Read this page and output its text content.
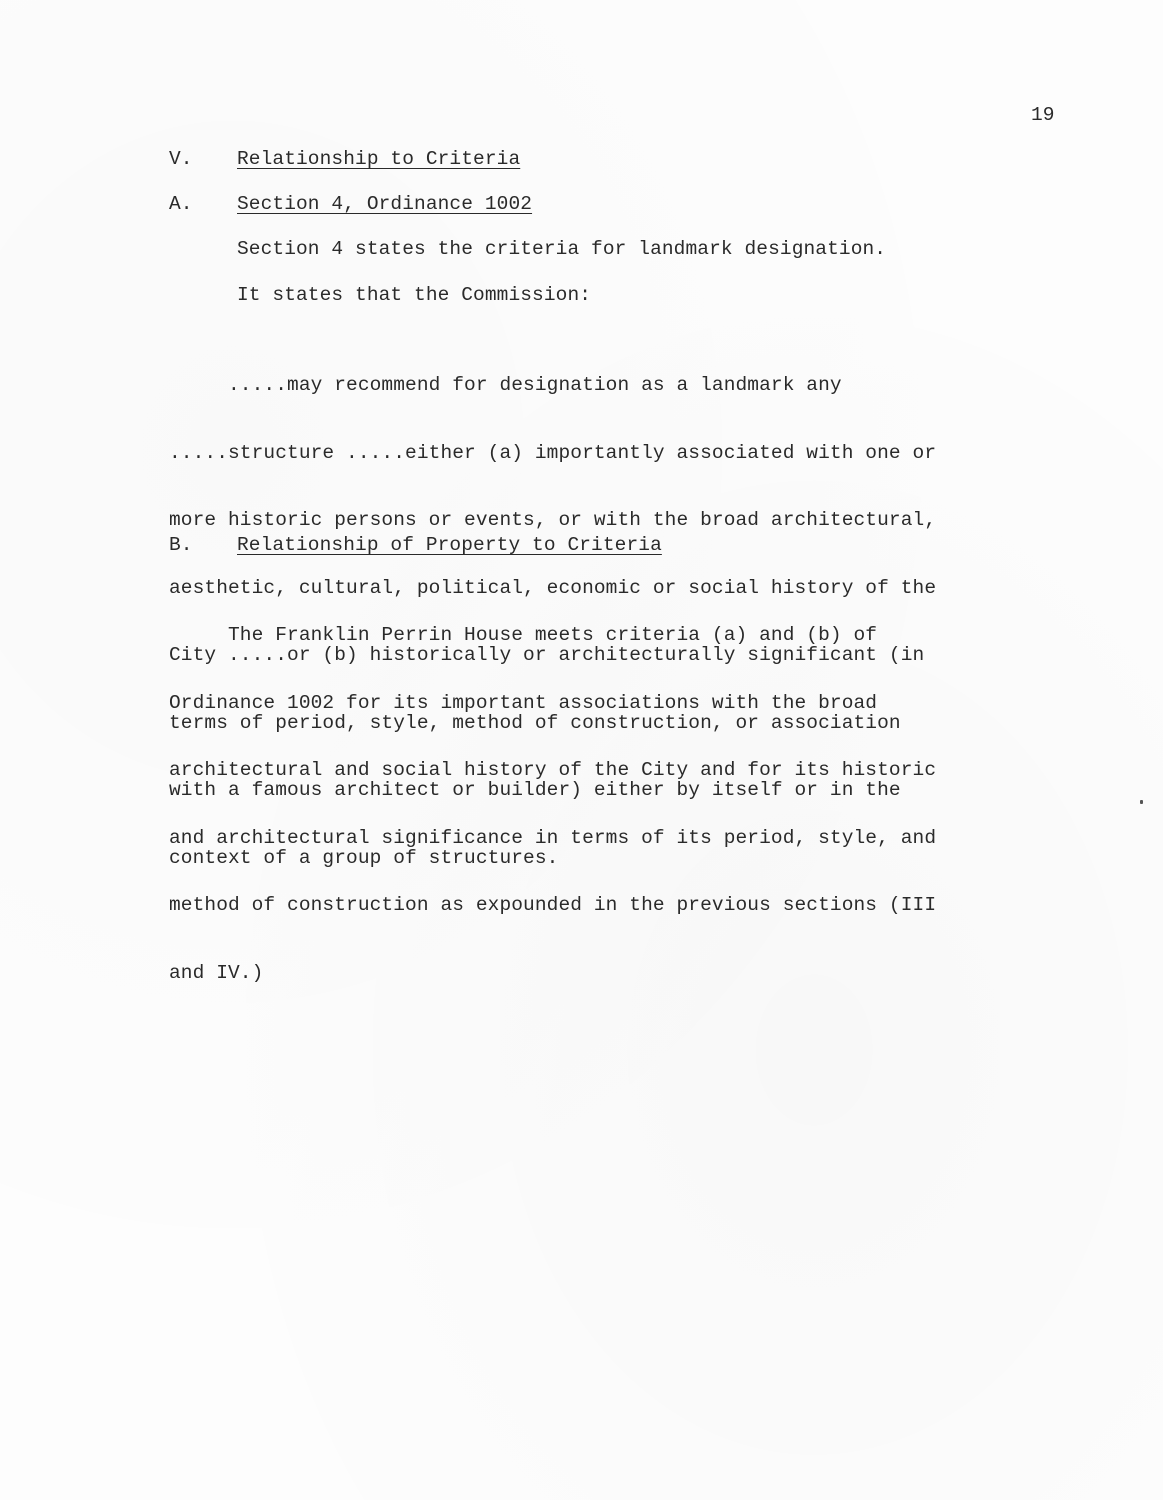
19
V. Relationship to Criteria
A. Section 4, Ordinance 1002
Section 4 states the criteria for landmark designation.
It states that the Commission:

.....may recommend for designation as a landmark any

.....structure .....either (a) importantly associated with one or

more historic persons or events, or with the broad architectural,

aesthetic, cultural, political, economic or social history of the

City .....or (b) historically or architecturally significant (in

terms of period, style, method of construction, or association

with a famous architect or builder) either by itself or in the

context of a group of structures.

B. Relationship of Property to Criteria

The Franklin Perrin House meets criteria (a) and (b) of

Ordinance 1002 for its important associations with the broad

architectural and social history of the City and for its historic

and architectural significance in terms of its period, style, and

method of construction as expounded in the previous sections (III

and IV.)
